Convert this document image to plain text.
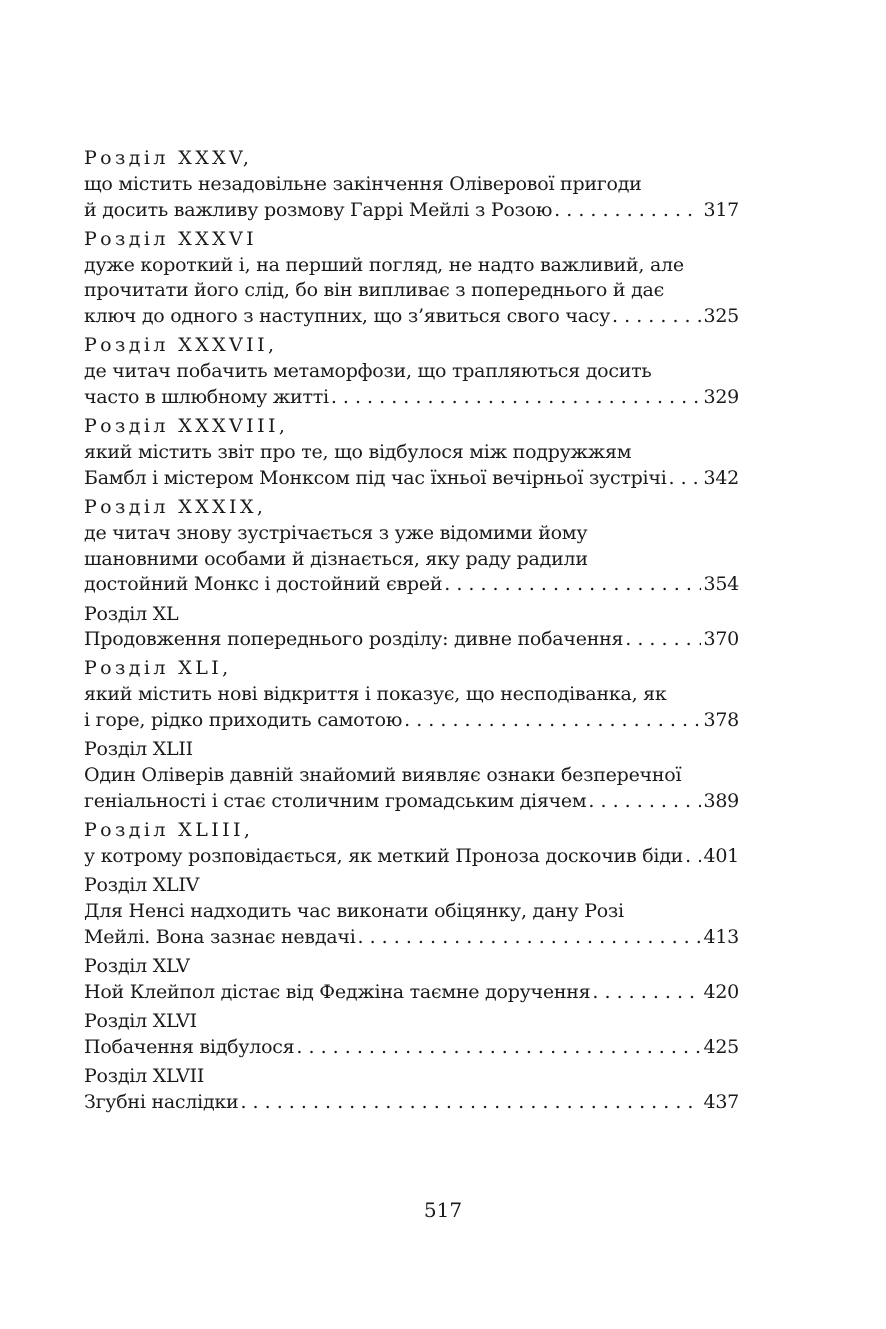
Розділ XXXV,
що містить незадовільне закінчення Оліверової пригоди
й досить важливу розмову Гаррі Мейлі з Розою . . .	317
Розділ XXXVI
дуже короткий і, на перший погляд, не надто важливий, але
прочитати його слід, бо він випливає з попереднього й дає
ключ до одного з наступних, що з’явиться свого часу . . .	325
Розділ XXXVII,
де читач побачить метаморфози, що трапляються досить
часто в шлюбному житті . . .	329
Розділ XXXVIII,
який містить звіт про те, що відбулося між подружжям
Бамбл і містером Монксом під час їхньої вечірньої зустрічі . . . 342
Розділ XXXIX,
де читач знову зустрічається з уже відомими йому
шановними особами й дізнається, яку раду радили
достойний Монкс і достойний єврей . . .	354
Розділ XL
Продовження попереднього розділу: дивне побачення . . .	370
Розділ XLI,
який містить нові відкриття і показує, що несподіванка, як
і горе, рідко приходить самотою . . .	378
Розділ XLII
Один Оліверів давній знайомий виявляє ознаки безперечної
геніальності і стає столичним громадським діячем . . .	389
Розділ XLIII,
у котрому розповідається, як меткий Проноза доскочив біди . . . 401
Розділ XLIV
Для Ненсі надходить час виконати обіцянку, дану Розі
Мейлі. Вона зазнає невдачі . . .	413
Розділ XLV
Ной Клейпол дістає від Феджіна таємне доручення . . .	420
Розділ XLVI
Побачення відбулося . . .	425
Розділ XLVII
Згубні наслідки . . .	437
517
